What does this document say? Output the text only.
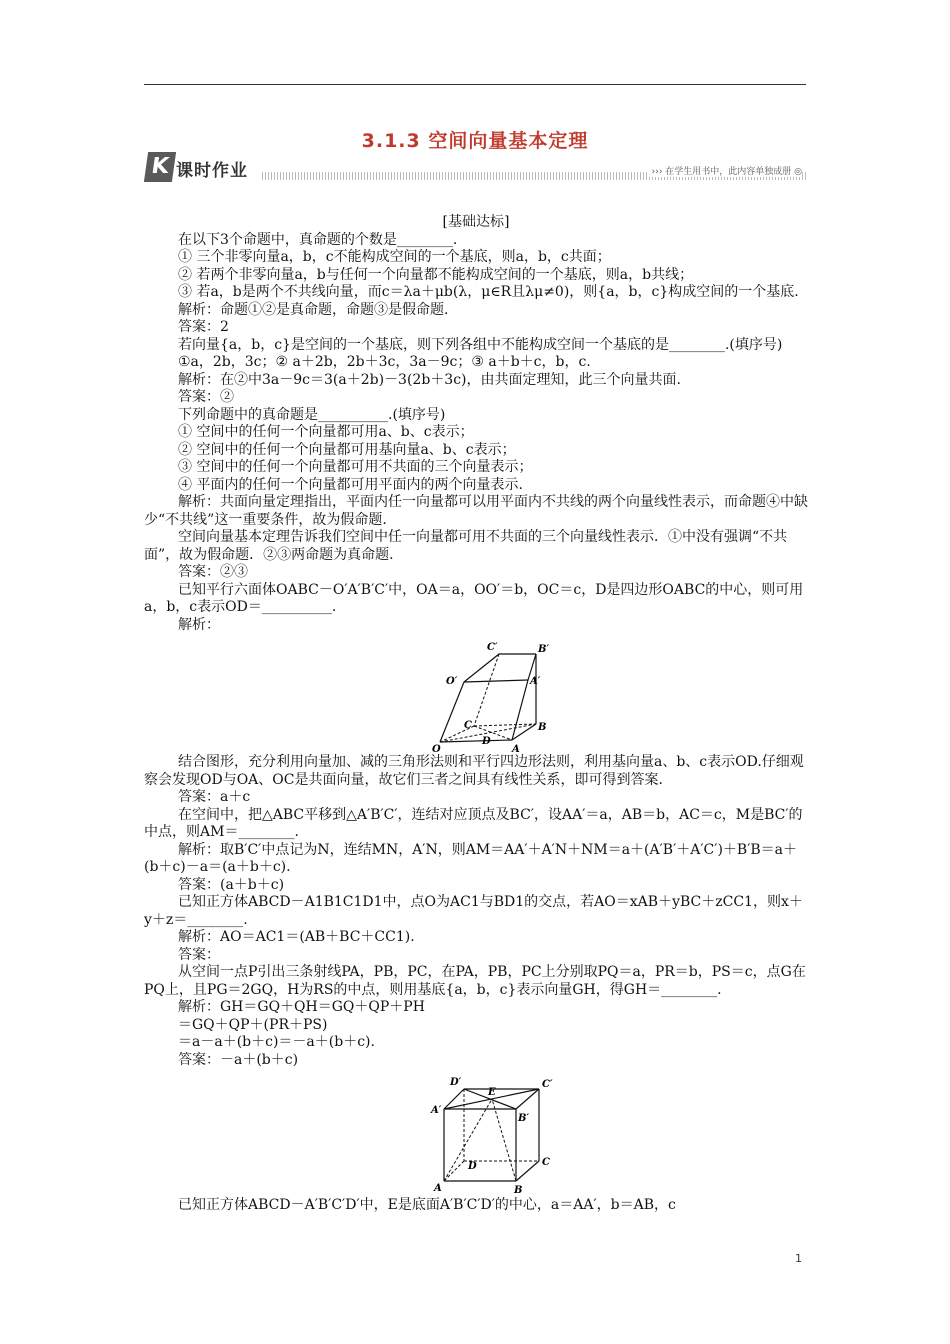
3.1.3 空间向量基本定理
K 课时作业	››› 在学生用书中，此内容单独成册 ◎

[基础达标]

在以下3个命题中，真命题的个数是________.

① 三个非零向量a，b，c不能构成空间的一个基底，则a，b，c共面；

② 若两个非零向量a，b与任何一个向量都不能构成空间的一个基底，则a，b共线；

③ 若a，b是两个不共线向量，而c＝λa＋μb(λ，μ∈R且λμ≠0)，则{a，b，c}构成空间的一个基底.

解析：命题①②是真命题，命题③是假命题.

答案：2

若向量{a，b，c}是空间的一个基底，则下列各组中不能构成空间一个基底的是________.(填序号)

①a，2b，3c；② a＋2b，2b＋3c，3a－9c；③ a＋b＋c，b，c.

解析：在②中3a－9c＝3(a＋2b)－3(2b＋3c)，由共面定理知，此三个向量共面.

答案：②

下列命题中的真命题是__________.(填序号)

① 空间中的任何一个向量都可用a、b、c表示；

② 空间中的任何一个向量都可用基向量a、b、c表示；

③ 空间中的任何一个向量都可用不共面的三个向量表示；

④ 平面内的任何一个向量都可用平面内的两个向量表示.

解析：共面向量定理指出，平面内任一向量都可以用平面内不共线的两个向量线性表示，而命题④中缺少“不共线”这一重要条件，故为假命题.

空间向量基本定理告诉我们空间中任一向量都可用不共面的三个向量线性表示．①中没有强调“不共面”，故为假命题．②③两命题为真命题.

答案：②③

已知平行六面体OABC－O′A′B′C′中，OA＝a，OO′＝b，OC＝c，D是四边形OABC的中心，则可用a，b，c表示OD＝__________.

解析：

C′	B′
O′	A′
C	B
O
D
A

结合图形，充分利用向量加、减的三角形法则和平行四边形法则，利用基向量a、b、c表示OD.仔细观察会发现OD与OA、OC是共面向量，故它们三者之间具有线性关系，即可得到答案.

答案：a＋c

在空间中，把△ABC平移到△A′B′C′，连结对应顶点及BC′，设AA′＝a，AB＝b，AC＝c，M是BC′的中点，则AM＝________.

解析：取B′C′中点记为N，连结MN，A′N，则AM＝AA′＋A′N＋NM＝a＋(A′B′＋A′C′)＋B′B＝a＋(b＋c)－a＝(a＋b＋c).

答案：(a＋b＋c)

已知正方体ABCD－A1B1C1D1中，点O为AC1与BD1的交点，若AO＝xAB＋yBC＋zCC1，则x＋y＋z＝________.

解析：AO＝AC1＝(AB＋BC＋CC1).

答案：

从空间一点P引出三条射线PA，PB，PC，在PA，PB，PC上分别取PQ＝a，PR＝b，PS＝c，点G在PQ上，且PG＝2GQ，H为RS的中点，则用基底{a，b，c}表示向量GH，得GH＝________.

解析：GH＝GQ＋QH＝GQ＋QP＋PH

＝GQ＋QP＋(PR＋PS)

＝a－a＋(b＋c)＝－a＋(b＋c).

答案：－a＋(b＋c)

D′
E
C′
A′
B′
D	C
A	B

已知正方体ABCD－A′B′C′D′中，E是底面A′B′C′D′的中心，a＝AA′，b＝AB，c

1
